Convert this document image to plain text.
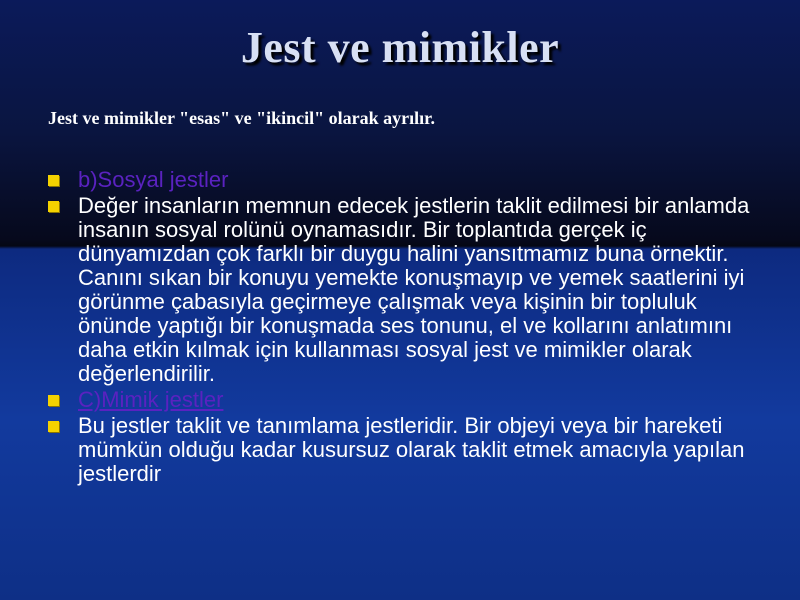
Jest ve mimikler
Jest ve mimikler "esas" ve "ikincil" olarak ayrılır.
b)Sosyal jestler
Değer insanların memnun edecek jestlerin taklit edilmesi bir anlamda insanın sosyal rolünü oynamasıdır. Bir toplantıda gerçek iç dünyamızdan çok farklı bir duygu halini yansıtmamız buna örnektir. Canını sıkan bir konuyu yemekte konuşmayıp ve yemek saatlerini iyi görünme çabasıyla geçirmeye çalışmak veya kişinin bir topluluk önünde yaptığı bir konuşmada ses tonunu, el ve kollarını anlatımını daha etkin kılmak için kullanması sosyal jest ve mimikler olarak değerlendirilir.
C)Mimik jestler
Bu jestler taklit ve tanımlama jestleridir. Bir objeyi veya bir hareketi mümkün olduğu kadar kusursuz olarak taklit etmek amacıyla yapılan jestlerdir
